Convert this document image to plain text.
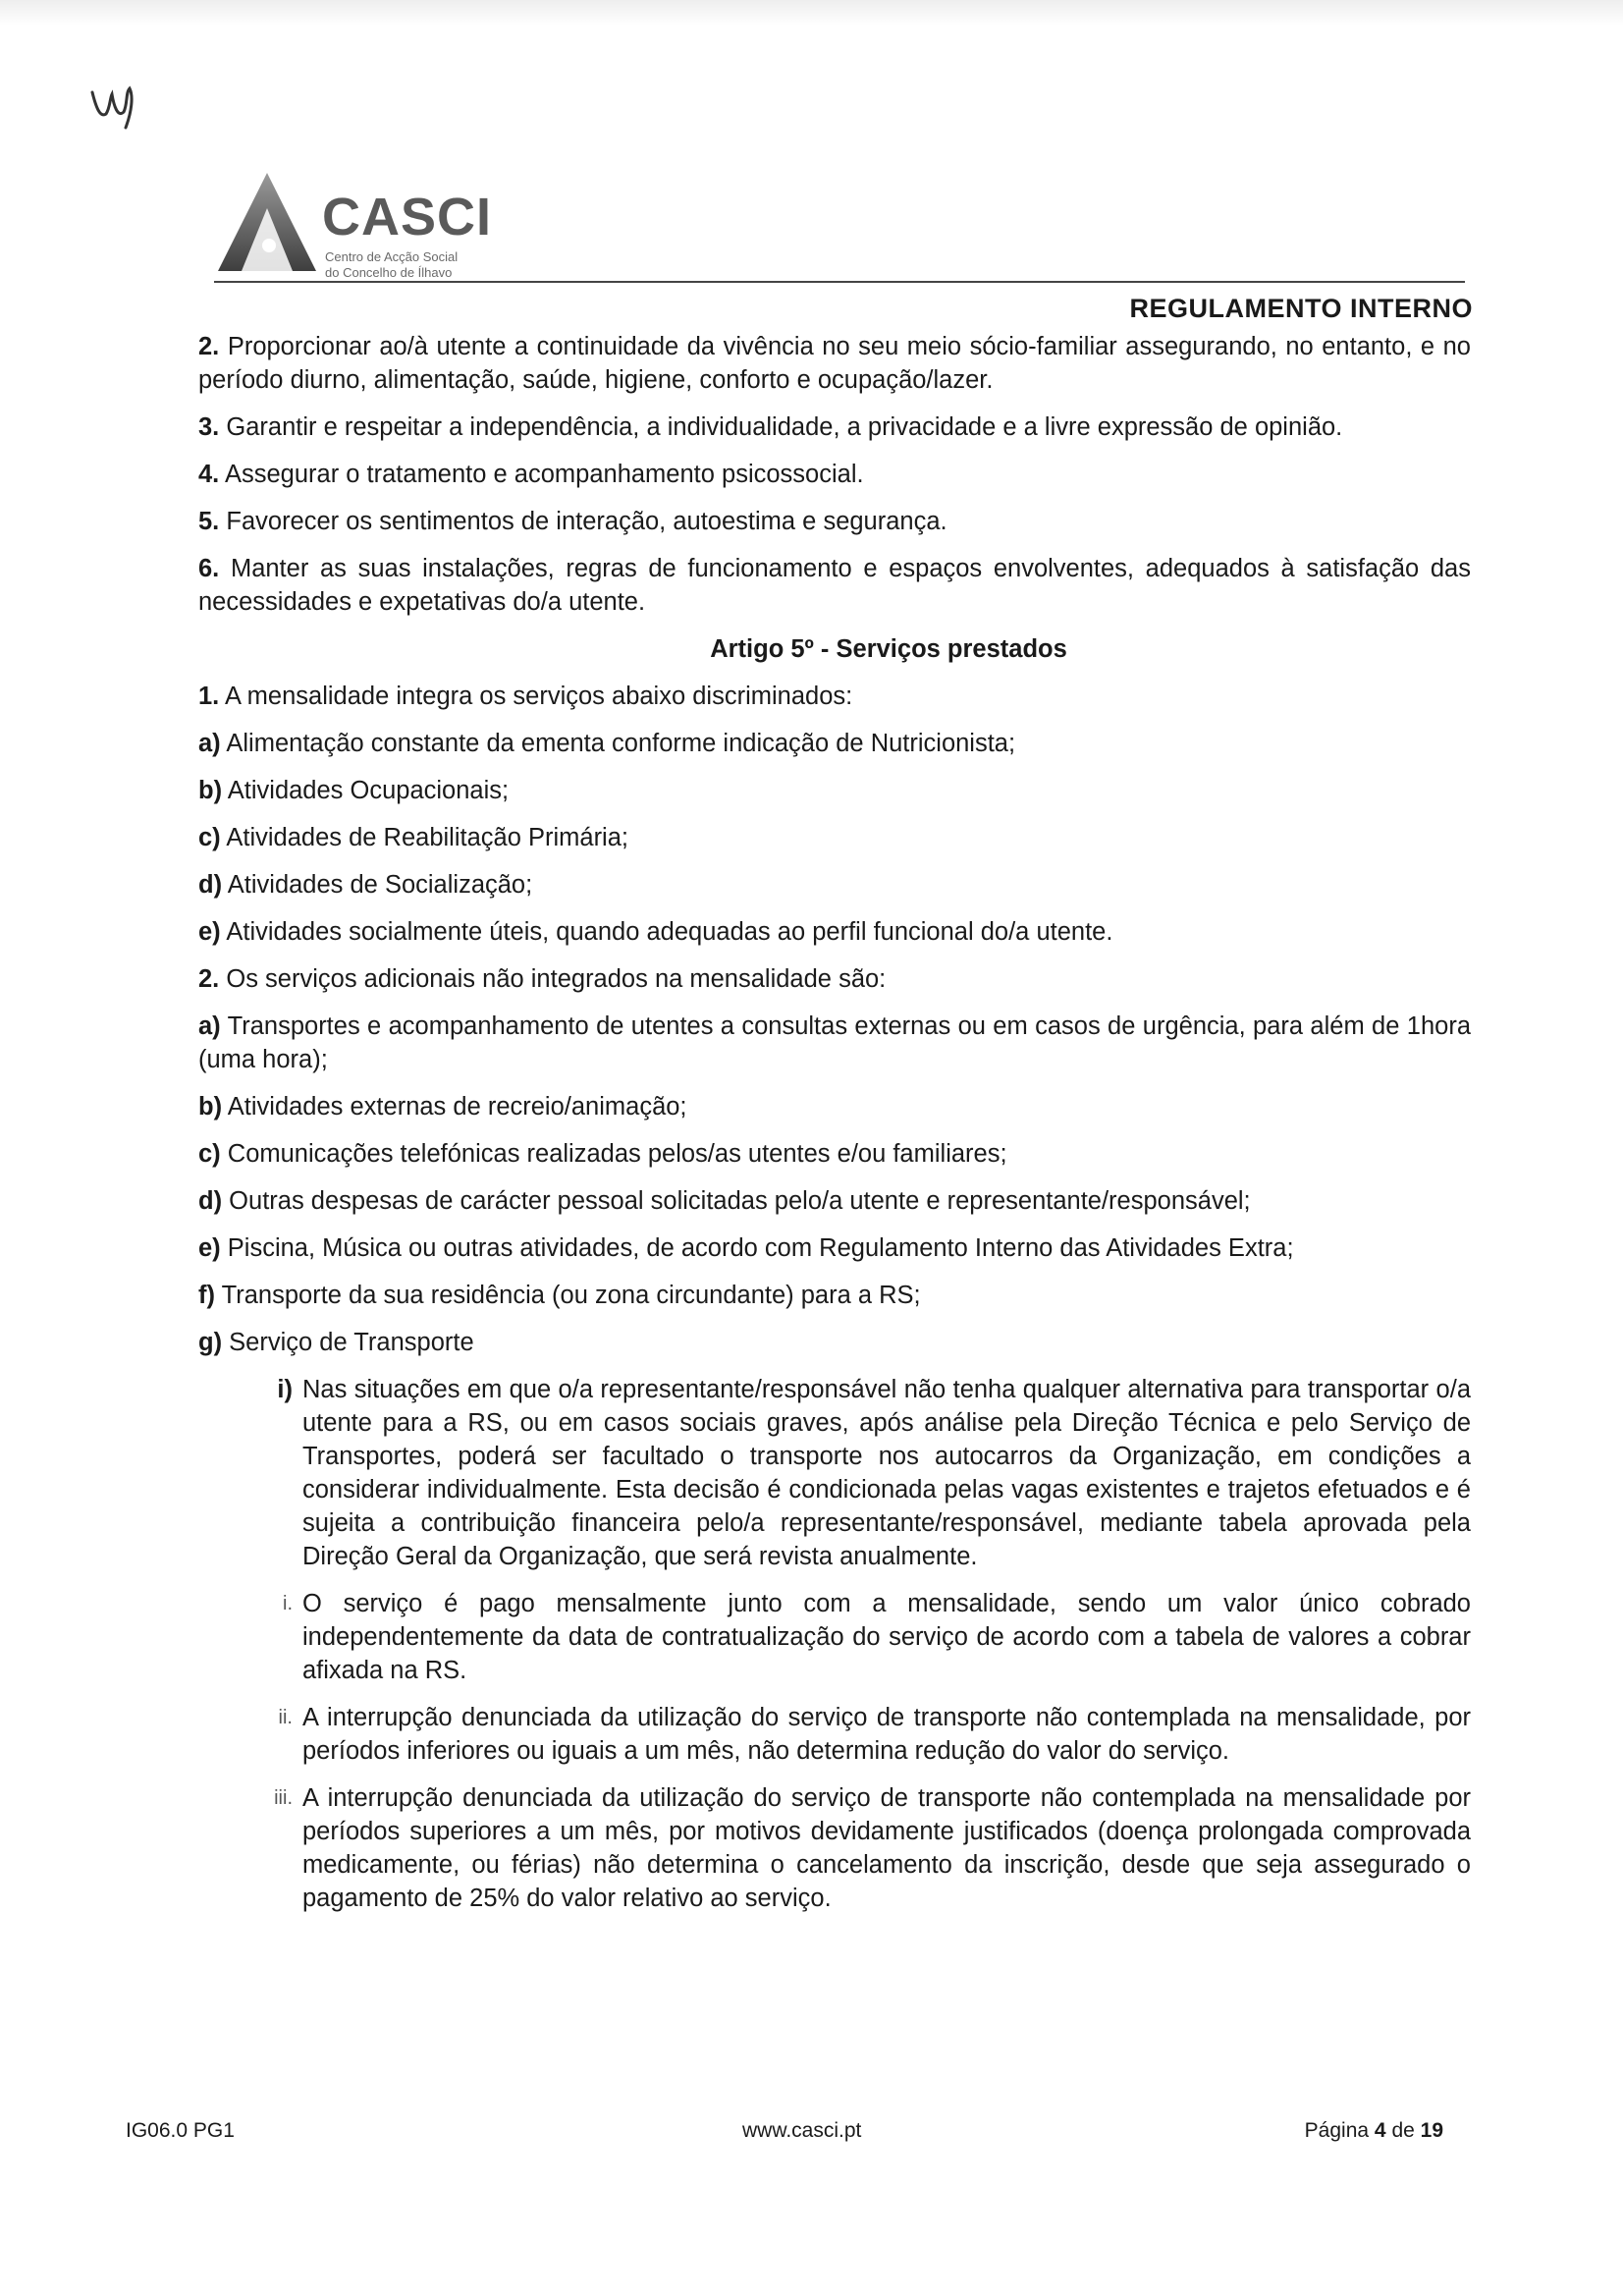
CASCI
Centro de Acção Social
do Concelho de Ílhavo
REGULAMENTO INTERNO

2. Proporcionar ao/à utente a continuidade da vivência no seu meio sócio-familiar assegurando, no entanto, e no período diurno, alimentação, saúde, higiene, conforto e ocupação/lazer.

3. Garantir e respeitar a independência, a individualidade, a privacidade e a livre expressão de opinião.

4. Assegurar o tratamento e acompanhamento psicossocial.

5. Favorecer os sentimentos de interação, autoestima e segurança.

6. Manter as suas instalações, regras de funcionamento e espaços envolventes, adequados à satisfação das necessidades e expetativas do/a utente.

Artigo 5º - Serviços prestados

1. A mensalidade integra os serviços abaixo discriminados:

a) Alimentação constante da ementa conforme indicação de Nutricionista;

b) Atividades Ocupacionais;

c) Atividades de Reabilitação Primária;

d) Atividades de Socialização;

e) Atividades socialmente úteis, quando adequadas ao perfil funcional do/a utente.

2. Os serviços adicionais não integrados na mensalidade são:

a) Transportes e acompanhamento de utentes a consultas externas ou em casos de urgência, para além de 1hora (uma hora);

b) Atividades externas de recreio/animação;

c) Comunicações telefónicas realizadas pelos/as utentes e/ou familiares;

d) Outras despesas de carácter pessoal solicitadas pelo/a utente e representante/responsável;

e) Piscina, Música ou outras atividades, de acordo com Regulamento Interno das Atividades Extra;

f) Transporte da sua residência (ou zona circundante) para a RS;

g) Serviço de Transporte

i) Nas situações em que o/a representante/responsável não tenha qualquer alternativa para transportar o/a utente para a RS, ou em casos sociais graves, após análise pela Direção Técnica e pelo Serviço de Transportes, poderá ser facultado o transporte nos autocarros da Organização, em condições a considerar individualmente. Esta decisão é condicionada pelas vagas existentes e trajetos efetuados e é sujeita a contribuição financeira pelo/a representante/responsável, mediante tabela aprovada pela Direção Geral da Organização, que será revista anualmente.
i. O serviço é pago mensalmente junto com a mensalidade, sendo um valor único cobrado independentemente da data de contratualização do serviço de acordo com a tabela de valores a cobrar afixada na RS.
ii. A interrupção denunciada da utilização do serviço de transporte não contemplada na mensalidade, por períodos inferiores ou iguais a um mês, não determina redução do valor do serviço.
iii. A interrupção denunciada da utilização do serviço de transporte não contemplada na mensalidade por períodos superiores a um mês, por motivos devidamente justificados (doença prolongada comprovada medicamente, ou férias) não determina o cancelamento da inscrição, desde que seja assegurado o pagamento de 25% do valor relativo ao serviço.
IG06.0 PG1	www.casci.pt	Página 4 de 19
